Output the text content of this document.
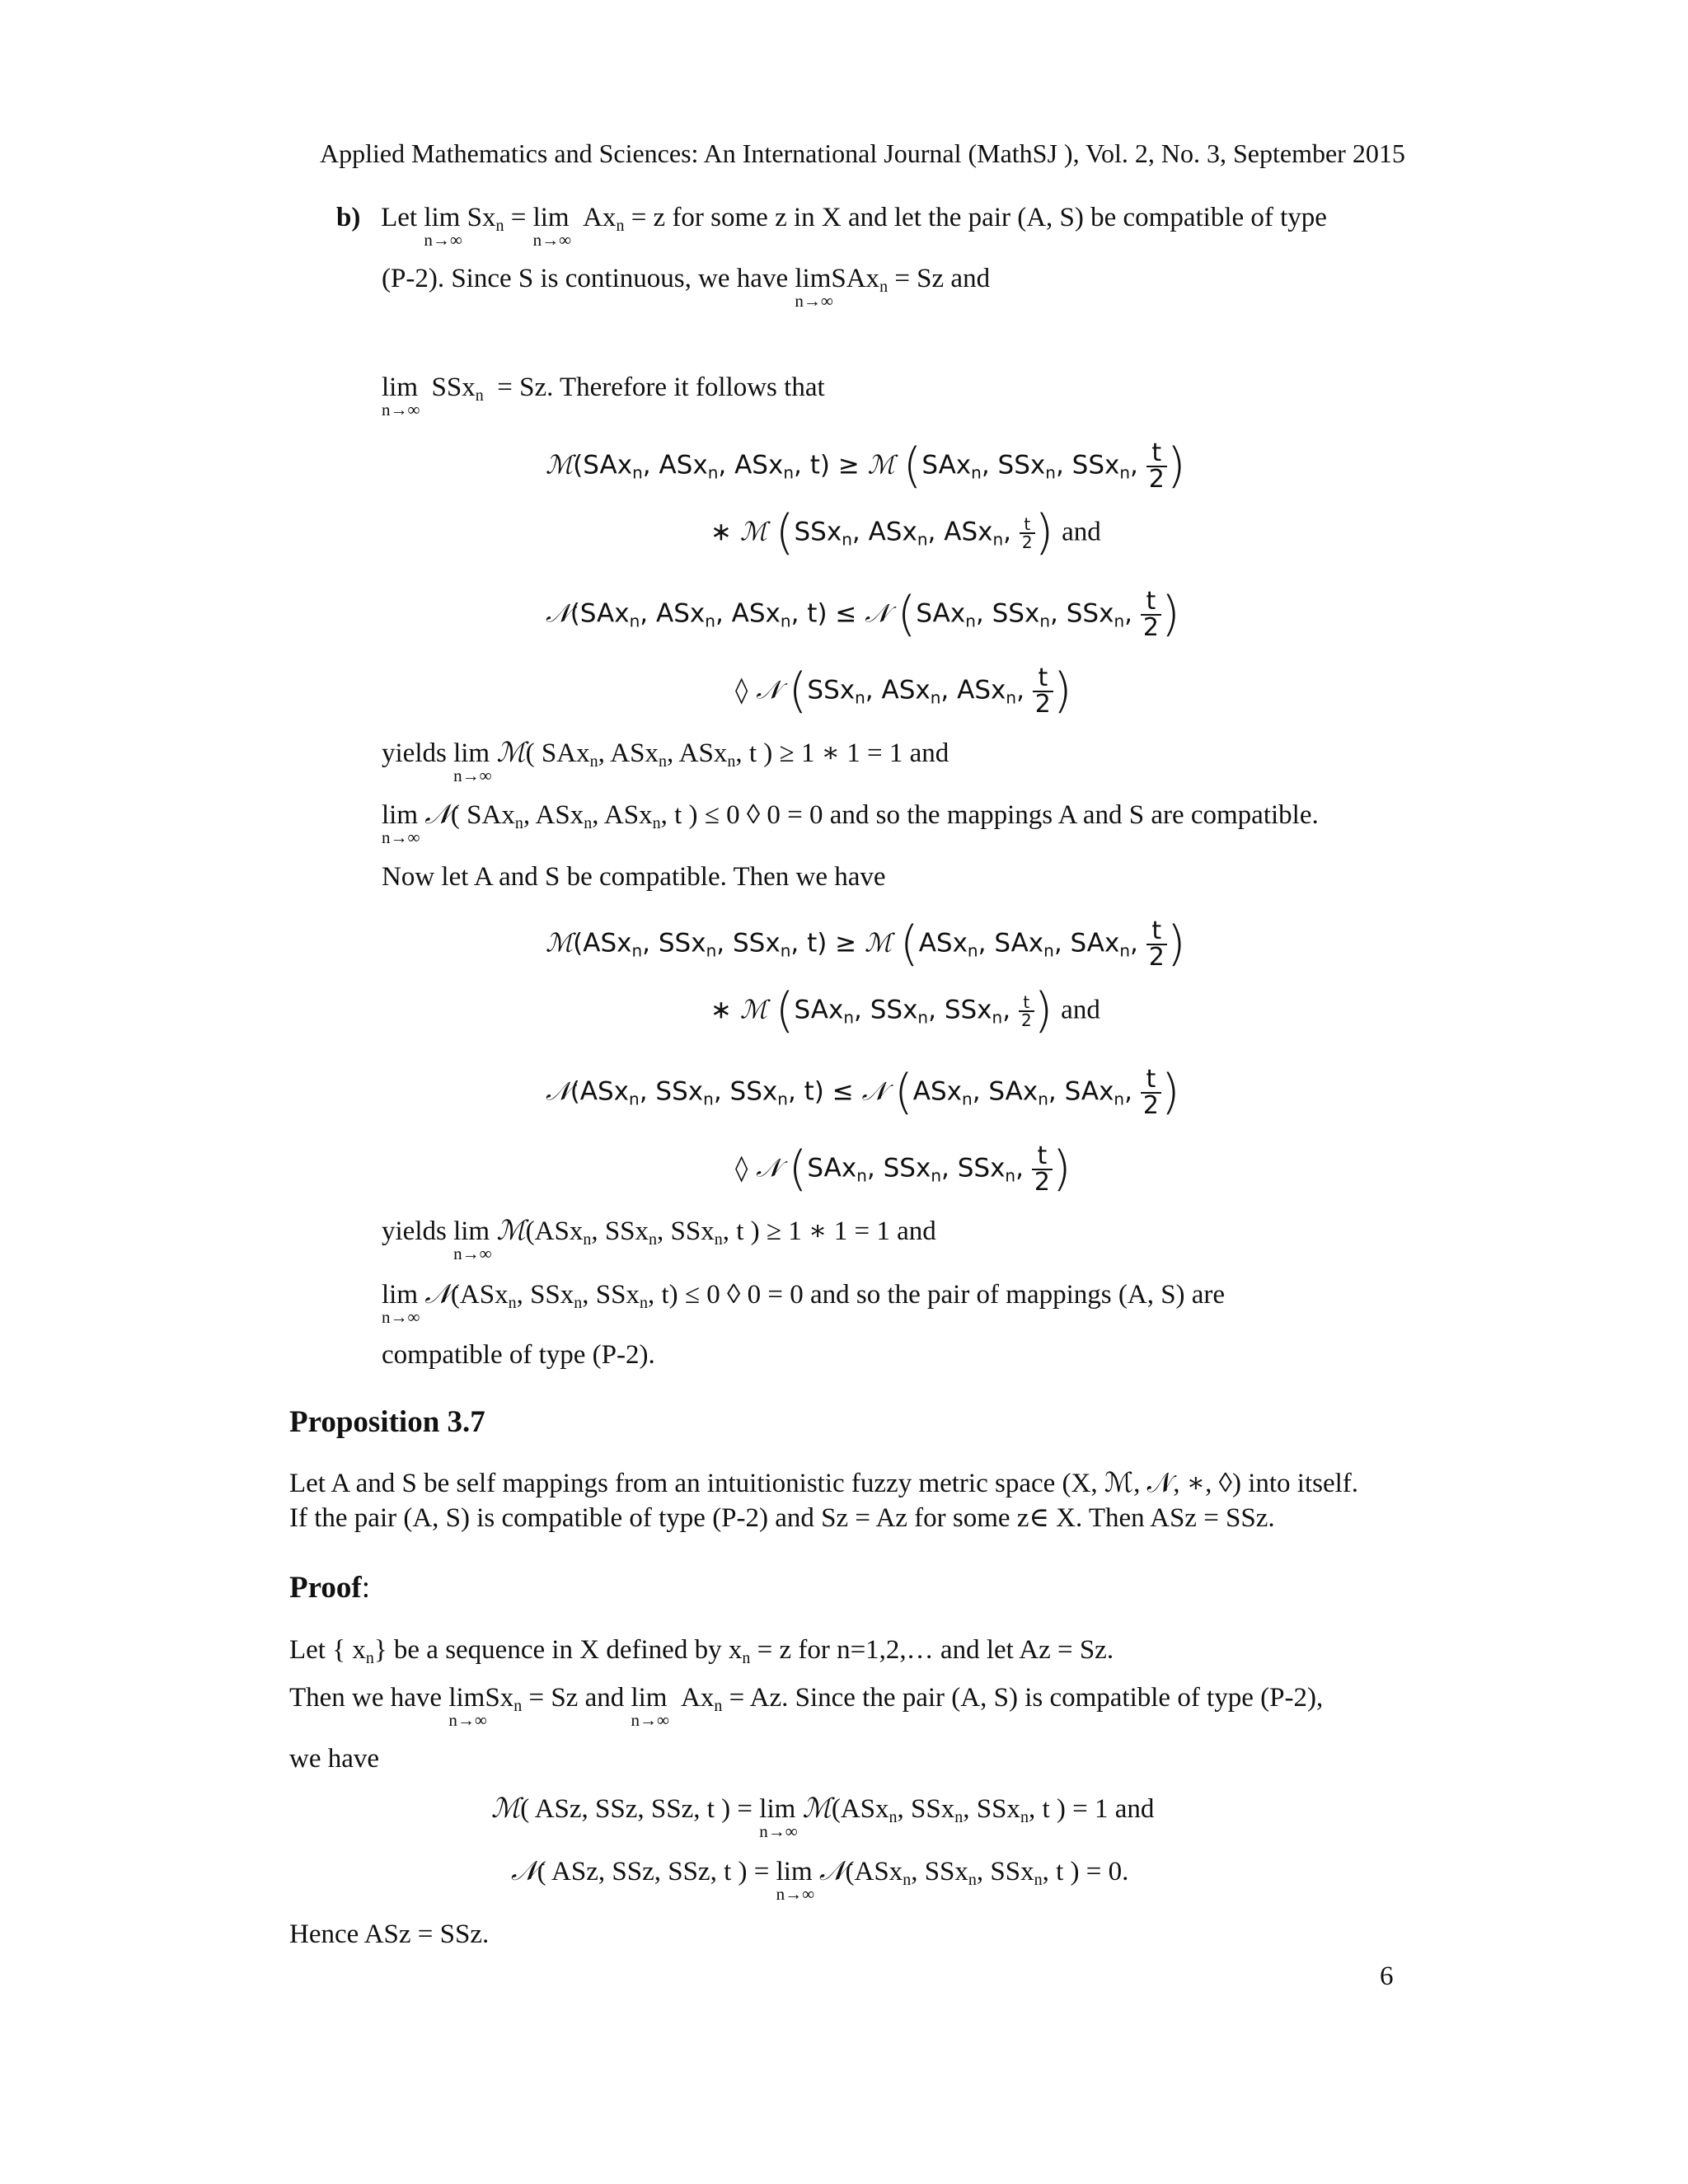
Applied Mathematics and Sciences: An International Journal (MathSJ ), Vol. 2, No. 3, September 2015
b) Let lim
n→∞
$Sx_n = \lim$
n→∞
$Ax_n = z$ for some z in X and let the pair (A, S) be compatible of type
(P-2). Since S is continuous, we have lim
n→∞
SAx$_n$ = Sz and
lim
n→∞
SSx$_n$ = Sz. Therefore it follows that
ℳ(SAx$_n$, ASx$_n$, ASx$_n$, t) ≥ ℳ (SAx$_n$, SSx$_n$, SSx$_n$, $\frac{t}{2}$ )
∗ ℳ (SSx$_n$, ASx$_n$, ASx$_n$, $\frac{t}{2}$ ) and
𝒩(SAx$_n$, ASx$_n$, ASx$_n$, t) ≤ 𝒩 (SAx$_n$, SSx$_n$, SSx$_n$, $\frac{t}{2}$ )
◊ 𝒩 (SSx$_n$, ASx$_n$, ASx$_n$, $\frac{t}{2}$ )
yields lim
n→∞
ℳ( SAx$_n$, ASx$_n$, ASx$_n$, t ) ≥ 1 ∗ 1 = 1 and
lim
n→∞
𝒩( SAx$_n$, ASx$_n$, ASx$_n$, t ) ≤ 0 ◊ 0 = 0 and so the mappings A and S are compatible.
Now let A and S be compatible. Then we have
ℳ(ASx$_n$, SSx$_n$, SSx$_n$, t) ≥ ℳ (ASx$_n$, SAx$_n$, SAx$_n$, $\frac{t}{2}$ )
∗ ℳ (SAx$_n$, SSx$_n$, SSx$_n$, $\frac{t}{2}$ ) and
𝒩(ASx$_n$, SSx$_n$, SSx$_n$, t) ≤ 𝒩 (ASx$_n$, SAx$_n$, SAx$_n$, $\frac{t}{2}$ )
◊ 𝒩 (SAx$_n$, SSx$_n$, SSx$_n$, $\frac{t}{2}$ )
yields lim
n→∞
ℳ(ASx$_n$, SSx$_n$, SSx$_n$, t ) ≥ 1 ∗ 1 = 1 and
lim
n→∞
𝒩(ASx$_n$, SSx$_n$, SSx$_n$, t) ≤ 0 ◊ 0 = 0 and so the pair of mappings (A, S) are
compatible of type (P-2).
Proposition 3.7
Let A and S be self mappings from an intuitionistic fuzzy metric space (X, ℳ, 𝒩, ∗, ◊) into itself.
If the pair (A, S) is compatible of type (P-2) and Sz = Az for some z∈ X. Then ASz = SSz.
Proof:
Let { $x_n$} be a sequence in X defined by $x_n = z$ for n=1,2,… and let Az = Sz.
Then we have lim
n→∞
$Sx_n = Sz$ and lim
n→∞
$Ax_n = Az$. Since the pair (A, S) is compatible of type (P-2),
we have
ℳ( ASz, SSz, SSz, t ) = lim
n→∞
ℳ(ASx$_n$, SSx$_n$, SSx$_n$, t ) = 1 and
𝒩( ASz, SSz, SSz, t ) = lim
n→∞
𝒩(ASx$_n$, SSx$_n$, SSx$_n$, t ) = 0.
Hence ASz = SSz.
6
